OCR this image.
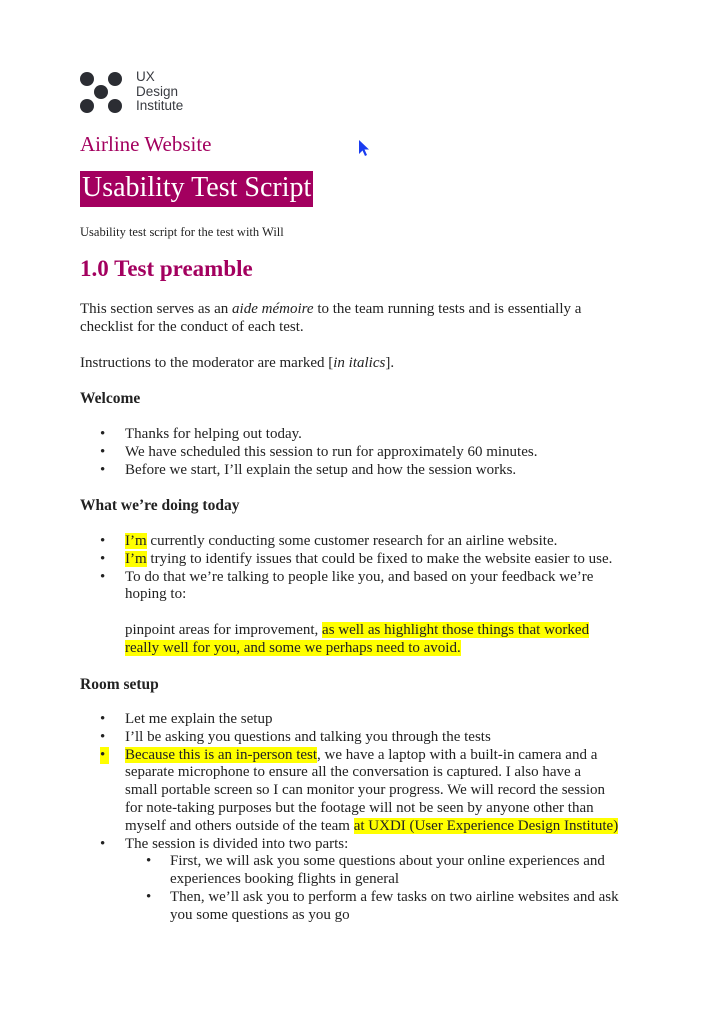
UX
Design
Institute
Airline Website
Usability Test Script
Usability test script for the test with Will
1.0 Test preamble
This section serves as an aide mémoire to the team running tests and is essentially a
checklist for the conduct of each test.
Instructions to the moderator are marked [in italics].
Welcome
• Thanks for helping out today.
• We have scheduled this session to run for approximately 60 minutes.
• Before we start, I’ll explain the setup and how the session works.
What we’re doing today
• I’m currently conducting some customer research for an airline website.
• I’m trying to identify issues that could be fixed to make the website easier to use.
• To do that we’re talking to people like you, and based on your feedback we’re
hoping to:
pinpoint areas for improvement, as well as highlight those things that worked
really well for you, and some we perhaps need to avoid.
Room setup
• Let me explain the setup
• I’ll be asking you questions and talking you through the tests
• Because this is an in-person test, we have a laptop with a built-in camera and a
separate microphone to ensure all the conversation is captured. I also have a
small portable screen so I can monitor your progress. We will record the session
for note-taking purposes but the footage will not be seen by anyone other than
myself and others outside of the team at UXDI (User Experience Design Institute)
• The session is divided into two parts:
• First, we will ask you some questions about your online experiences and
experiences booking flights in general
• Then, we’ll ask you to perform a few tasks on two airline websites and ask
you some questions as you go
